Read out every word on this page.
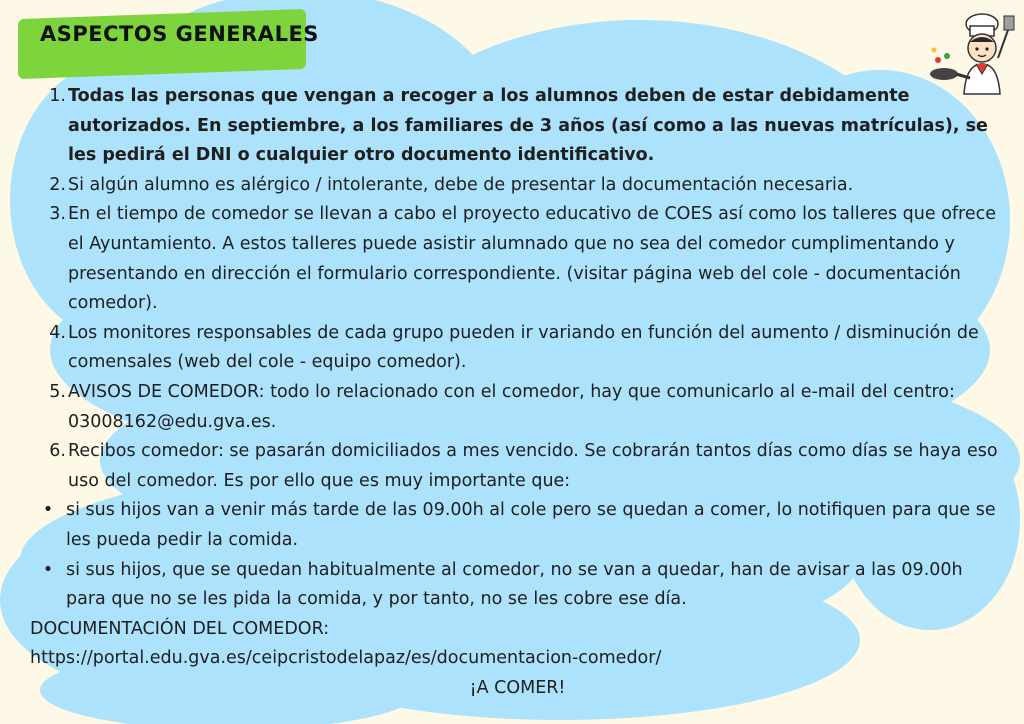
ASPECTOS GENERALES
1. Todas las personas que vengan a recoger a los alumnos deben de estar debidamente autorizados. En septiembre, a los familiares de 3 años (así como a las nuevas matrículas), se les pedirá el DNI o cualquier otro documento identificativo.
2. Si algún alumno es alérgico / intolerante, debe de presentar la documentación necesaria.
3. En el tiempo de comedor se llevan a cabo el proyecto educativo de COES así como los talleres que ofrece el Ayuntamiento. A estos talleres puede asistir alumnado que no sea del comedor cumplimentando y presentando en dirección el formulario correspondiente. (visitar página web del cole - documentación comedor).
4. Los monitores responsables de cada grupo pueden ir variando en función del aumento / disminución de comensales (web del cole - equipo comedor).
5. AVISOS DE COMEDOR: todo lo relacionado con el comedor, hay que comunicarlo al e-mail del centro: 03008162@edu.gva.es.
6. Recibos comedor: se pasarán domiciliados a mes vencido. Se cobrarán tantos días como días se haya eso uso del comedor. Es por ello que es muy importante que:
• si sus hijos van a venir más tarde de las 09.00h al cole pero se quedan a comer, lo notifiquen para que se les pueda pedir la comida.
• si sus hijos, que se quedan habitualmente al comedor, no se van a quedar, han de avisar a las 09.00h para que no se les pida la comida, y por tanto, no se les cobre ese día.
DOCUMENTACIÓN DEL COMEDOR:
https://portal.edu.gva.es/ceipcristodelapaz/es/documentacion-comedor/
¡A COMER!
